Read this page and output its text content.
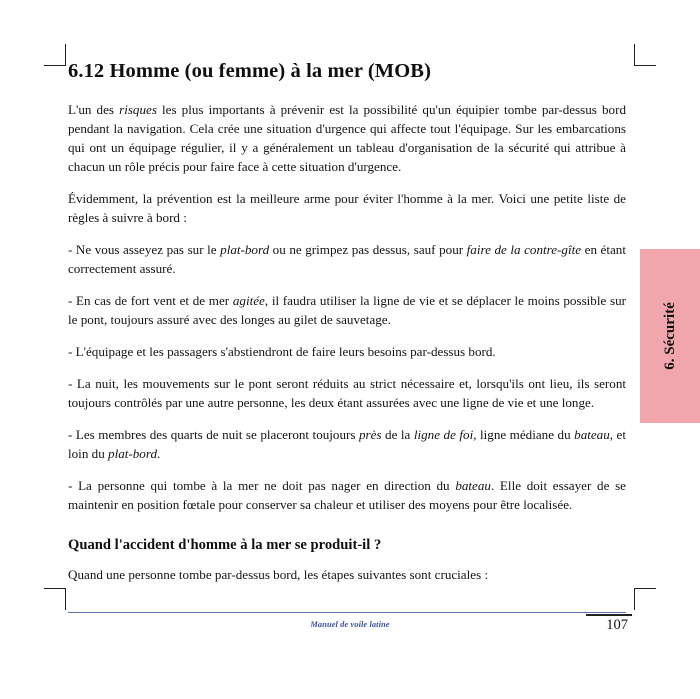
6. Sécurité
6.12 Homme (ou femme) à la mer (MOB)

L'un des risques les plus importants à prévenir est la possibilité qu'un équipier tombe par-dessus bord pendant la navigation. Cela crée une situation d'urgence qui affecte tout l'équipage. Sur les embarcations qui ont un équipage régulier, il y a généralement un tableau d'organisation de la sécurité qui attribue à chacun un rôle précis pour faire face à cette situation d'urgence.

Évidemment, la prévention est la meilleure arme pour éviter l'homme à la mer. Voici une petite liste de règles à suivre à bord :

- Ne vous asseyez pas sur le plat-bord ou ne grimpez pas dessus, sauf pour faire de la contre-gîte en étant correctement assuré.

- En cas de fort vent et de mer agitée, il faudra utiliser la ligne de vie et se déplacer le moins possible sur le pont, toujours assuré avec des longes au gilet de sauvetage.

- L'équipage et les passagers s'abstiendront de faire leurs besoins par-dessus bord.

- La nuit, les mouvements sur le pont seront réduits au strict nécessaire et, lorsqu'ils ont lieu, ils seront toujours contrôlés par une autre personne, les deux étant assurées avec une ligne de vie et une longe.

- Les membres des quarts de nuit se placeront toujours près de la ligne de foi, ligne médiane du bateau, et loin du plat-bord.

- La personne qui tombe à la mer ne doit pas nager en direction du bateau. Elle doit essayer de se maintenir en position fœtale pour conserver sa chaleur et utiliser des moyens pour être localisée.

Quand l'accident d'homme à la mer se produit-il ?

Quand une personne tombe par-dessus bord, les étapes suivantes sont cruciales :

Manuel de voile latine	107
